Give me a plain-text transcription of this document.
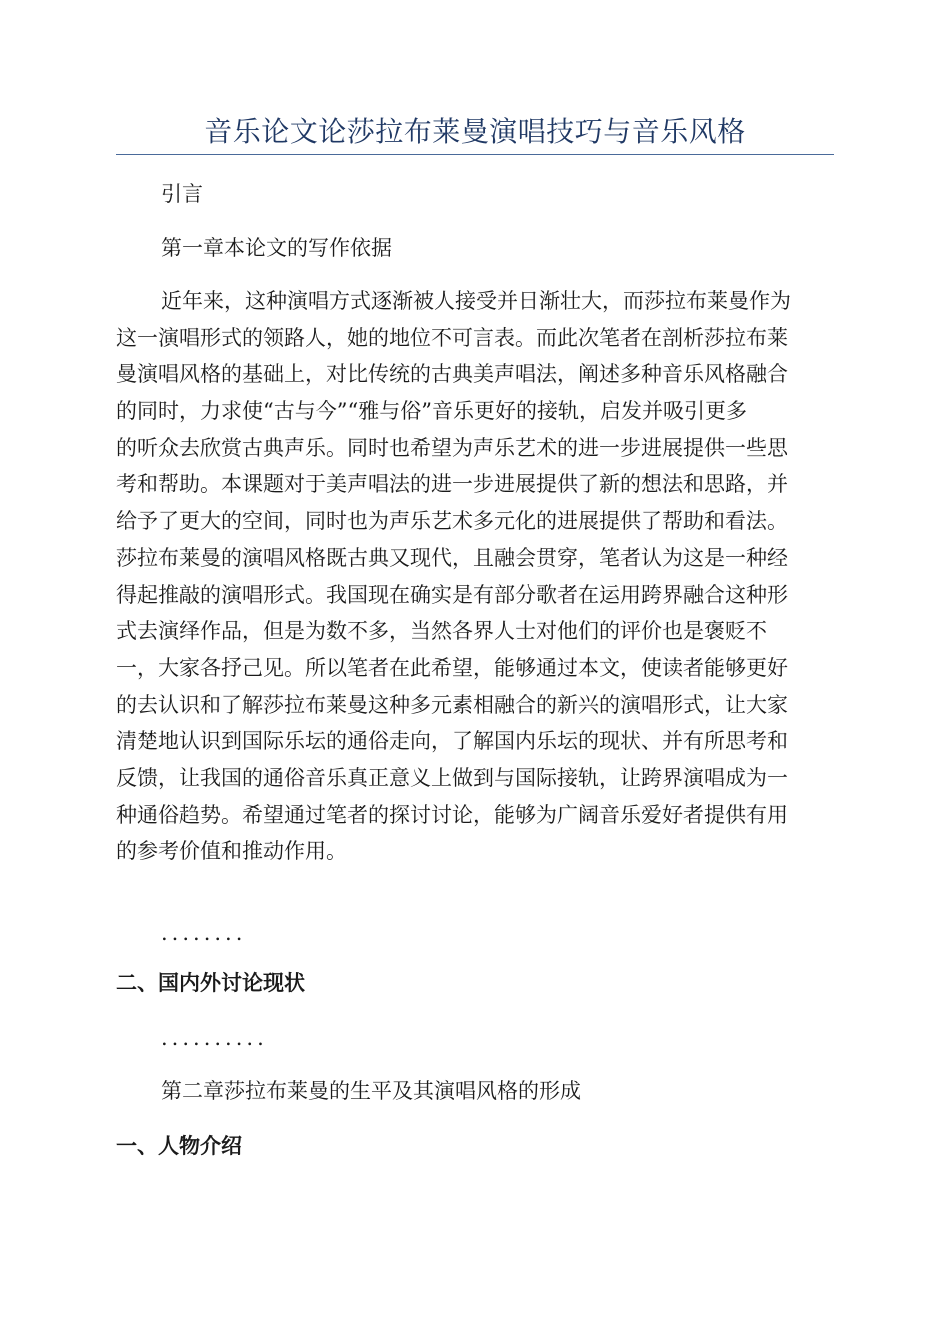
音乐论文论莎拉布莱曼演唱技巧与音乐风格
引言
第一章本论文的写作依据
近年来，这种演唱方式逐渐被人接受并日渐壮大，而莎拉布莱曼作为
这一演唱形式的领路人，她的地位不可言表。而此次笔者在剖析莎拉布莱
曼演唱风格的基础上，对比传统的古典美声唱法，阐述多种音乐风格融合
的同时，力求使“古与今”“雅与俗”音乐更好的接轨，启发并吸引更多
的听众去欣赏古典声乐。同时也希望为声乐艺术的进一步进展提供一些思
考和帮助。本课题对于美声唱法的进一步进展提供了新的想法和思路，并
给予了更大的空间，同时也为声乐艺术多元化的进展提供了帮助和看法。
莎拉布莱曼的演唱风格既古典又现代，且融会贯穿，笔者认为这是一种经
得起推敲的演唱形式。我国现在确实是有部分歌者在运用跨界融合这种形
式去演绎作品，但是为数不多，当然各界人士对他们的评价也是褒贬不
一，大家各抒己见。所以笔者在此希望，能够通过本文，使读者能够更好
的去认识和了解莎拉布莱曼这种多元素相融合的新兴的演唱形式，让大家
清楚地认识到国际乐坛的通俗走向，了解国内乐坛的现状、并有所思考和
反馈，让我国的通俗音乐真正意义上做到与国际接轨，让跨界演唱成为一
种通俗趋势。希望通过笔者的探讨讨论，能够为广阔音乐爱好者提供有用
的参考价值和推动作用。
........
二、国内外讨论现状
..........
第二章莎拉布莱曼的生平及其演唱风格的形成
一、人物介绍
